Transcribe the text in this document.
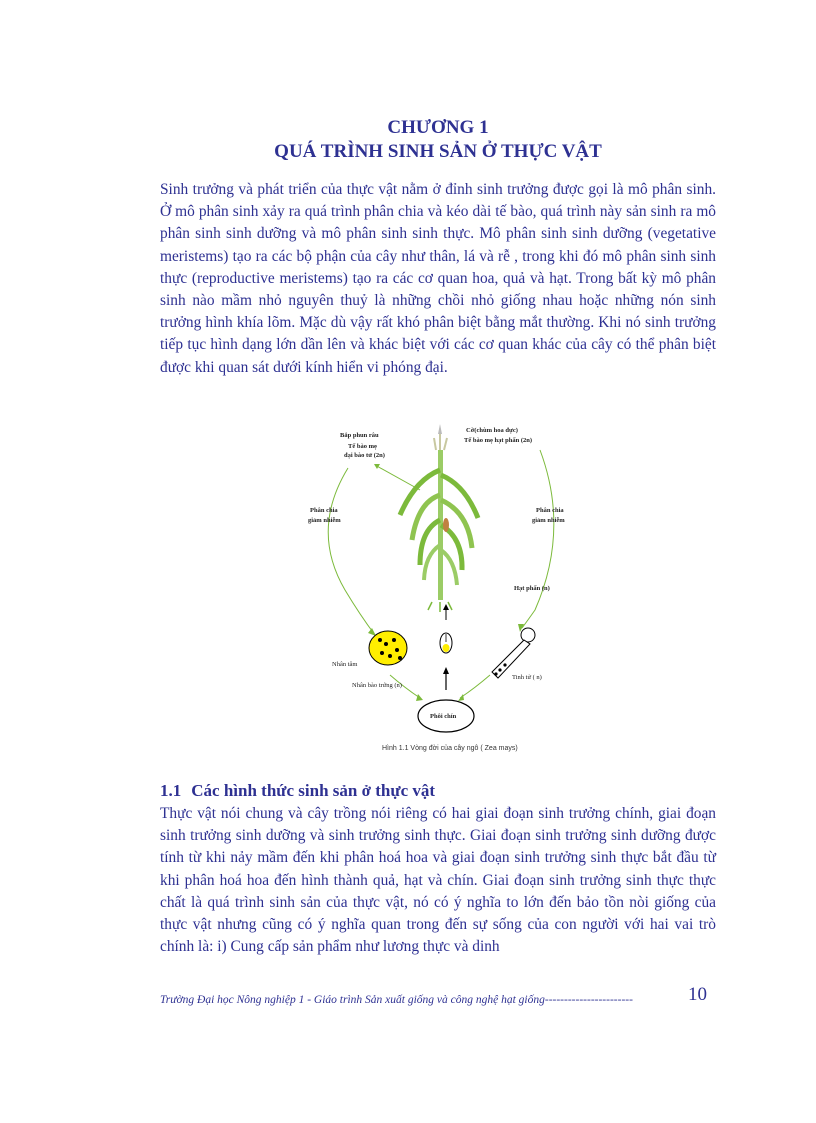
CHƯƠNG 1
QUÁ TRÌNH SINH SẢN Ở THỰC VẬT

Sinh trưởng và phát triển của thực vật nằm ở đỉnh sinh trưởng được gọi là mô phân sinh. Ở mô phân sinh xảy ra quá trình phân chia và kéo dài tế bào, quá trình này sản sinh ra mô phân sinh sinh dưỡng và mô phân sinh sinh thực. Mô phân sinh sinh dưỡng (vegetative meristems) tạo ra các bộ phận của cây như thân, lá và rễ , trong khi đó mô phân sinh sinh thực (reproductive meristems) tạo ra các cơ quan hoa, quả và hạt. Trong bất kỳ mô phân sinh nào mầm nhỏ nguyên thuỷ là những chồi nhỏ giống nhau hoặc những nón sinh trưởng hình khía lõm. Mặc dù vậy rất khó phân biệt bằng mắt thường. Khi nó sinh trưởng tiếp tục hình dạng lớn dần lên và khác biệt với các cơ quan khác của cây có thể phân biệt được khi quan sát dưới kính hiển vi phóng đại.

Bắp phun râu
Tế bào mẹ
đại bào tử (2n)
Cờ(chùm hoa đực)
Tế bào mẹ hạt phấn (2n)
Phân chia
giảm nhiễm
Phân chia
giảm nhiễm
Hạt phấn (n)
Nhân tâm
Nhân bào trứng (n)
Tinh tử ( n)
Phôi chín
Hình 1.1 Vòng đời của cây ngô ( Zea mays)
1.1 Các hình thức sinh sản ở thực vật

Thực vật nói chung và cây trồng nói riêng có hai giai đoạn sinh trưởng chính, giai đoạn sinh trưởng sinh dưỡng và sinh trưởng sinh thực. Giai đoạn sinh trưởng sinh dưỡng được tính từ khi nảy mầm đến khi phân hoá hoa và giai đoạn sinh trưởng sinh thực bắt đầu từ khi phân hoá hoa đến hình thành quả, hạt và chín. Giai đoạn sinh trưởng sinh thực thực chất là quá trình sinh sản của thực vật, nó có ý nghĩa to lớn đến bảo tồn nòi giống của thực vật nhưng cũng có ý nghĩa quan trong đến sự sống của con người với hai vai trò chính là: i) Cung cấp sản phẩm như lương thực và dinh

Trường Đại học Nông nghiệp 1 - Giáo trình Sản xuất giống và công nghệ hạt giống-----------------------	10
